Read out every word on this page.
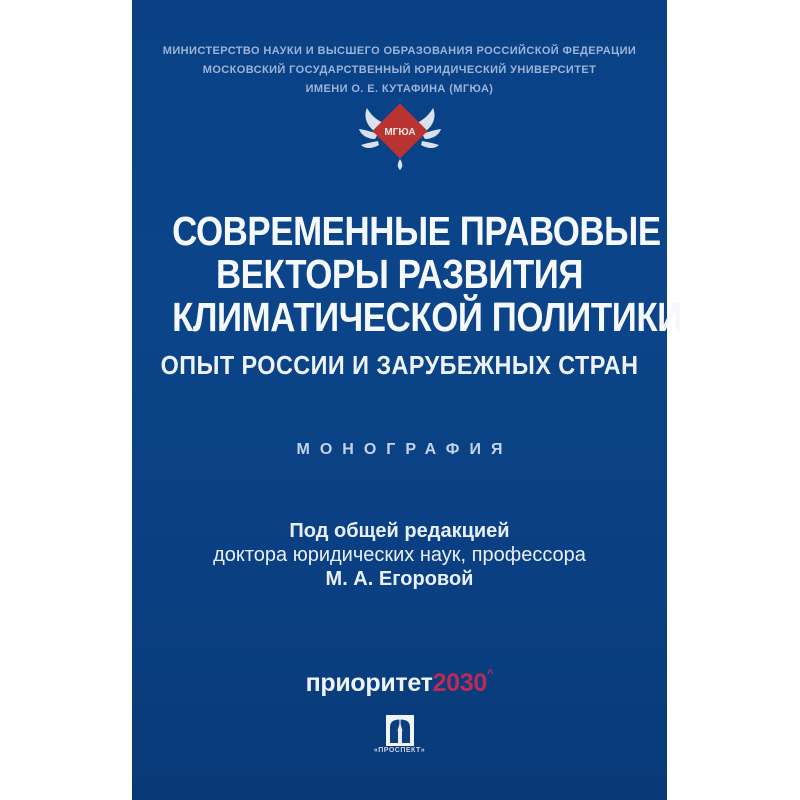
МИНИСТЕРСТВО НАУКИ И ВЫСШЕГО ОБРАЗОВАНИЯ РОССИЙСКОЙ ФЕДЕРАЦИИ
МОСКОВСКИЙ ГОСУДАРСТВЕННЫЙ ЮРИДИЧЕСКИЙ УНИВЕРСИТЕТ
ИМЕНИ О. Е. КУТАФИНА (МГЮА)
МГЮА
СОВРЕМЕННЫЕ ПРАВОВЫЕ
ВЕКТОРЫ РАЗВИТИЯ
КЛИМАТИЧЕСКОЙ ПОЛИТИКИ
ОПЫТ РОССИИ И ЗАРУБЕЖНЫХ СТРАН
МОНОГРАФИЯ
Под общей редакцией
доктора юридических наук, профессора
М. А. Егоровой
приоритет2030^
«ПРОСПЕКТ»
